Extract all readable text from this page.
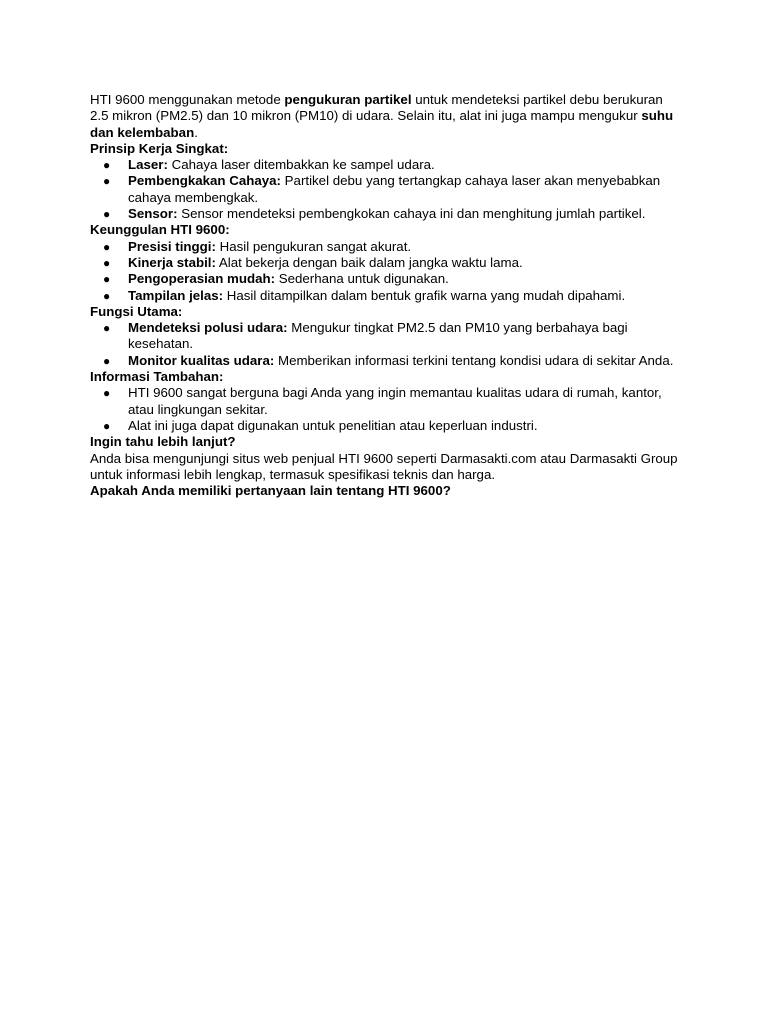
HTI 9600 menggunakan metode pengukuran partikel untuk mendeteksi partikel debu berukuran 2.5 mikron (PM2.5) dan 10 mikron (PM10) di udara. Selain itu, alat ini juga mampu mengukur suhu dan kelembaban.

Prinsip Kerja Singkat:

● Laser: Cahaya laser ditembakkan ke sampel udara.
● Pembengkakan Cahaya: Partikel debu yang tertangkap cahaya laser akan menyebabkan cahaya membengkak.
● Sensor: Sensor mendeteksi pembengkokan cahaya ini dan menghitung jumlah partikel.

Keunggulan HTI 9600:

● Presisi tinggi: Hasil pengukuran sangat akurat.
● Kinerja stabil: Alat bekerja dengan baik dalam jangka waktu lama.
● Pengoperasian mudah: Sederhana untuk digunakan.
● Tampilan jelas: Hasil ditampilkan dalam bentuk grafik warna yang mudah dipahami.

Fungsi Utama:

● Mendeteksi polusi udara: Mengukur tingkat PM2.5 dan PM10 yang berbahaya bagi kesehatan.
● Monitor kualitas udara: Memberikan informasi terkini tentang kondisi udara di sekitar Anda.

Informasi Tambahan:

● HTI 9600 sangat berguna bagi Anda yang ingin memantau kualitas udara di rumah, kantor, atau lingkungan sekitar.
● Alat ini juga dapat digunakan untuk penelitian atau keperluan industri.

Ingin tahu lebih lanjut?

Anda bisa mengunjungi situs web penjual HTI 9600 seperti Darmasakti.com atau Darmasakti Group untuk informasi lebih lengkap, termasuk spesifikasi teknis dan harga.

Apakah Anda memiliki pertanyaan lain tentang HTI 9600?
